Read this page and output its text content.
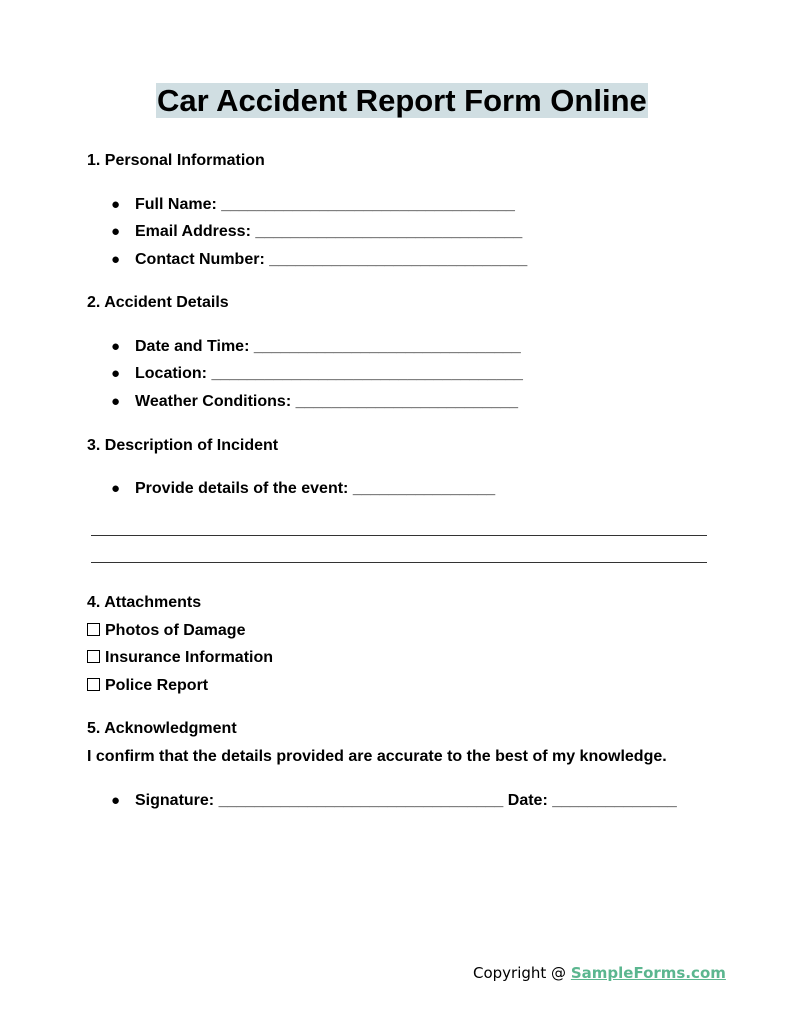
Car Accident Report Form Online
1. Personal Information
● Full Name: _________________________________
● Email Address: ______________________________
● Contact Number: _____________________________
2. Accident Details
● Date and Time: ______________________________
● Location: ___________________________________
● Weather Conditions: _________________________
3. Description of Incident
● Provide details of the event: ________________
4. Attachments
Photos of Damage
Insurance Information
Police Report
5. Acknowledgment
I confirm that the details provided are accurate to the best of my knowledge.
● Signature: ________________________________ Date: ______________
Copyright @ SampleForms.com
